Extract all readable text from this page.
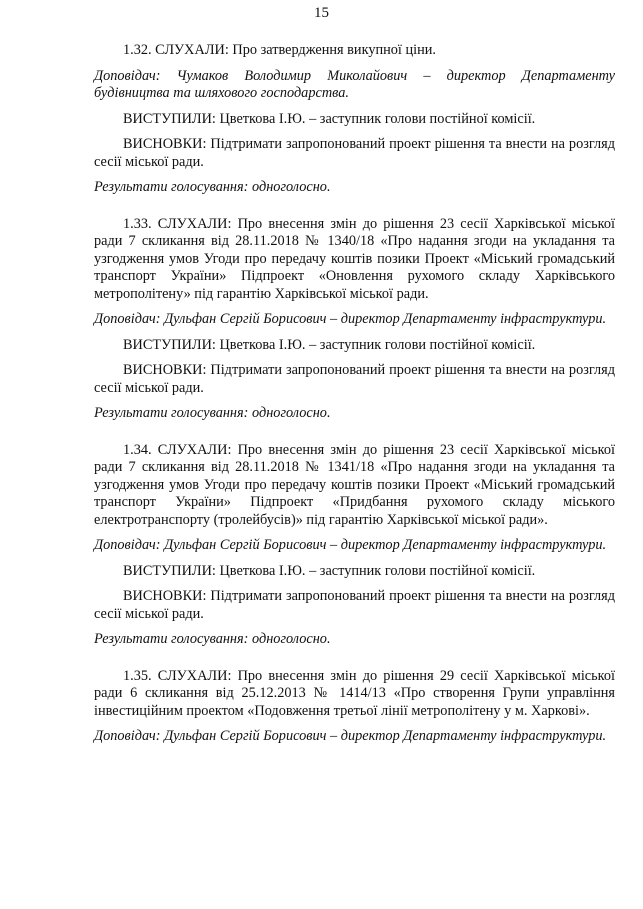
15

1.32. СЛУХАЛИ: Про затвердження викупної ціни.

Доповідач: Чумаков Володимир Миколайович – директор Департаменту будівництва та шляхового господарства.

ВИСТУПИЛИ: Цветкова І.Ю. – заступник голови постійної комісії.

ВИСНОВКИ: Підтримати запропонований проект рішення та внести на розгляд сесії міської ради.

Результати голосування: одноголосно.

1.33. СЛУХАЛИ: Про внесення змін до рішення 23 сесії Харківської міської ради 7 скликання від 28.11.2018 № 1340/18 «Про надання згоди на укладання та узгодження умов Угоди про передачу коштів позики Проект «Міський громадський транспорт України» Підпроект «Оновлення рухомого складу Харківського метрополітену» під гарантію Харківської міської ради.

Доповідач: Дульфан Сергій Борисович – директор Департаменту інфраструктури.

ВИСТУПИЛИ: Цветкова І.Ю. – заступник голови постійної комісії.

ВИСНОВКИ: Підтримати запропонований проект рішення та внести на розгляд сесії міської ради.

Результати голосування: одноголосно.

1.34. СЛУХАЛИ: Про внесення змін до рішення 23 сесії Харківської міської ради 7 скликання від 28.11.2018 № 1341/18 «Про надання згоди на укладання та узгодження умов Угоди про передачу коштів позики Проект «Міський громадський транспорт України» Підпроект «Придбання рухомого складу міського електротранспорту (тролейбусів)» під гарантію Харківської міської ради».

Доповідач: Дульфан Сергій Борисович – директор Департаменту інфраструктури.

ВИСТУПИЛИ: Цветкова І.Ю. – заступник голови постійної комісії.

ВИСНОВКИ: Підтримати запропонований проект рішення та внести на розгляд сесії міської ради.

Результати голосування: одноголосно.

1.35. СЛУХАЛИ: Про внесення змін до рішення 29 сесії Харківської міської ради 6 скликання від 25.12.2013 № 1414/13 «Про створення Групи управління інвестиційним проектом «Подовження третьої лінії метрополітену у м. Харкові».

Доповідач: Дульфан Сергій Борисович – директор Департаменту інфраструктури.
